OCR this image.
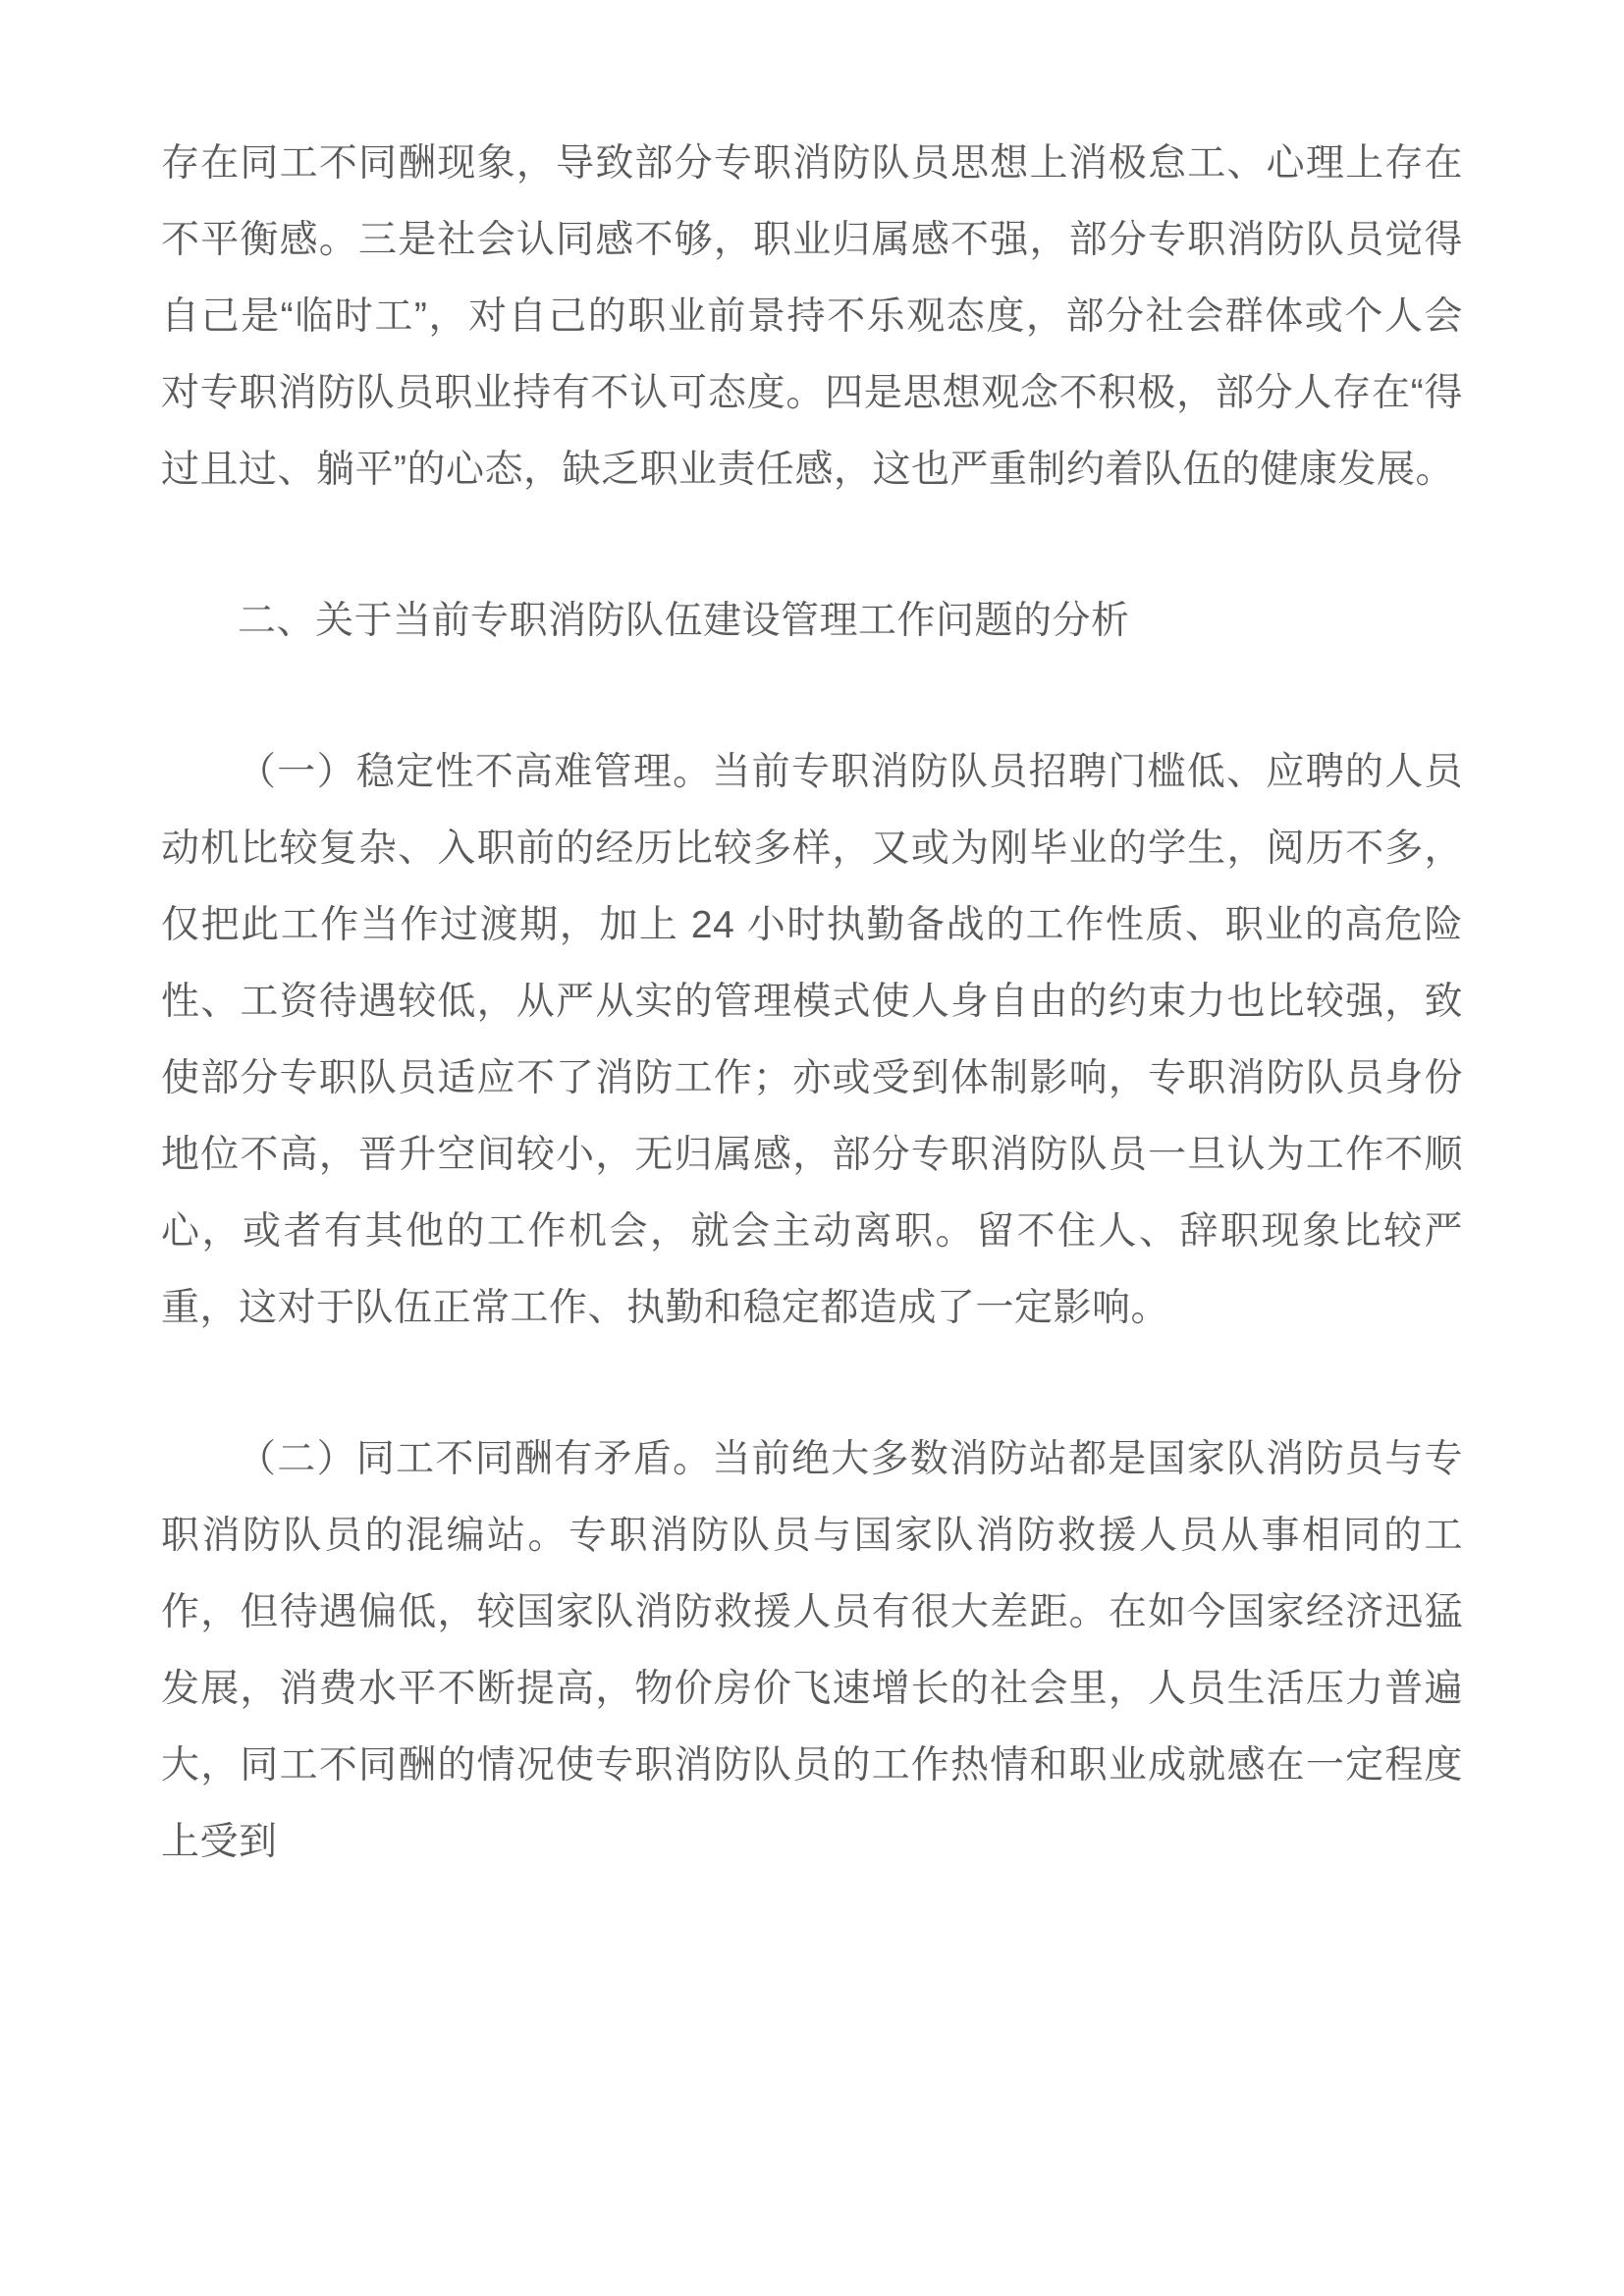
存在同工不同酬现象，导致部分专职消防队员思想上消极怠工、心理上存在不平衡感。三是社会认同感不够，职业归属感不强，部分专职消防队员觉得自己是“临时工”，对自己的职业前景持不乐观态度，部分社会群体或个人会对专职消防队员职业持有不认可态度。四是思想观念不积极，部分人存在“得过且过、躺平”的心态，缺乏职业责任感，这也严重制约着队伍的健康发展。

二、关于当前专职消防队伍建设管理工作问题的分析

（一）稳定性不高难管理。当前专职消防队员招聘门槛低、应聘的人员动机比较复杂、入职前的经历比较多样，又或为刚毕业的学生，阅历不多，仅把此工作当作过渡期，加上 24 小时执勤备战的工作性质、职业的高危险性、工资待遇较低，从严从实的管理模式使人身自由的约束力也比较强，致使部分专职队员适应不了消防工作；亦或受到体制影响，专职消防队员身份地位不高，晋升空间较小，无归属感，部分专职消防队员一旦认为工作不顺心，或者有其他的工作机会，就会主动离职。留不住人、辞职现象比较严重，这对于队伍正常工作、执勤和稳定都造成了一定影响。

（二）同工不同酬有矛盾。当前绝大多数消防站都是国家队消防员与专职消防队员的混编站。专职消防队员与国家队消防救援人员从事相同的工作，但待遇偏低，较国家队消防救援人员有很大差距。在如今国家经济迅猛发展，消费水平不断提高，物价房价飞速增长的社会里，人员生活压力普遍大，同工不同酬的情况使专职消防队员的工作热情和职业成就感在一定程度上受到
